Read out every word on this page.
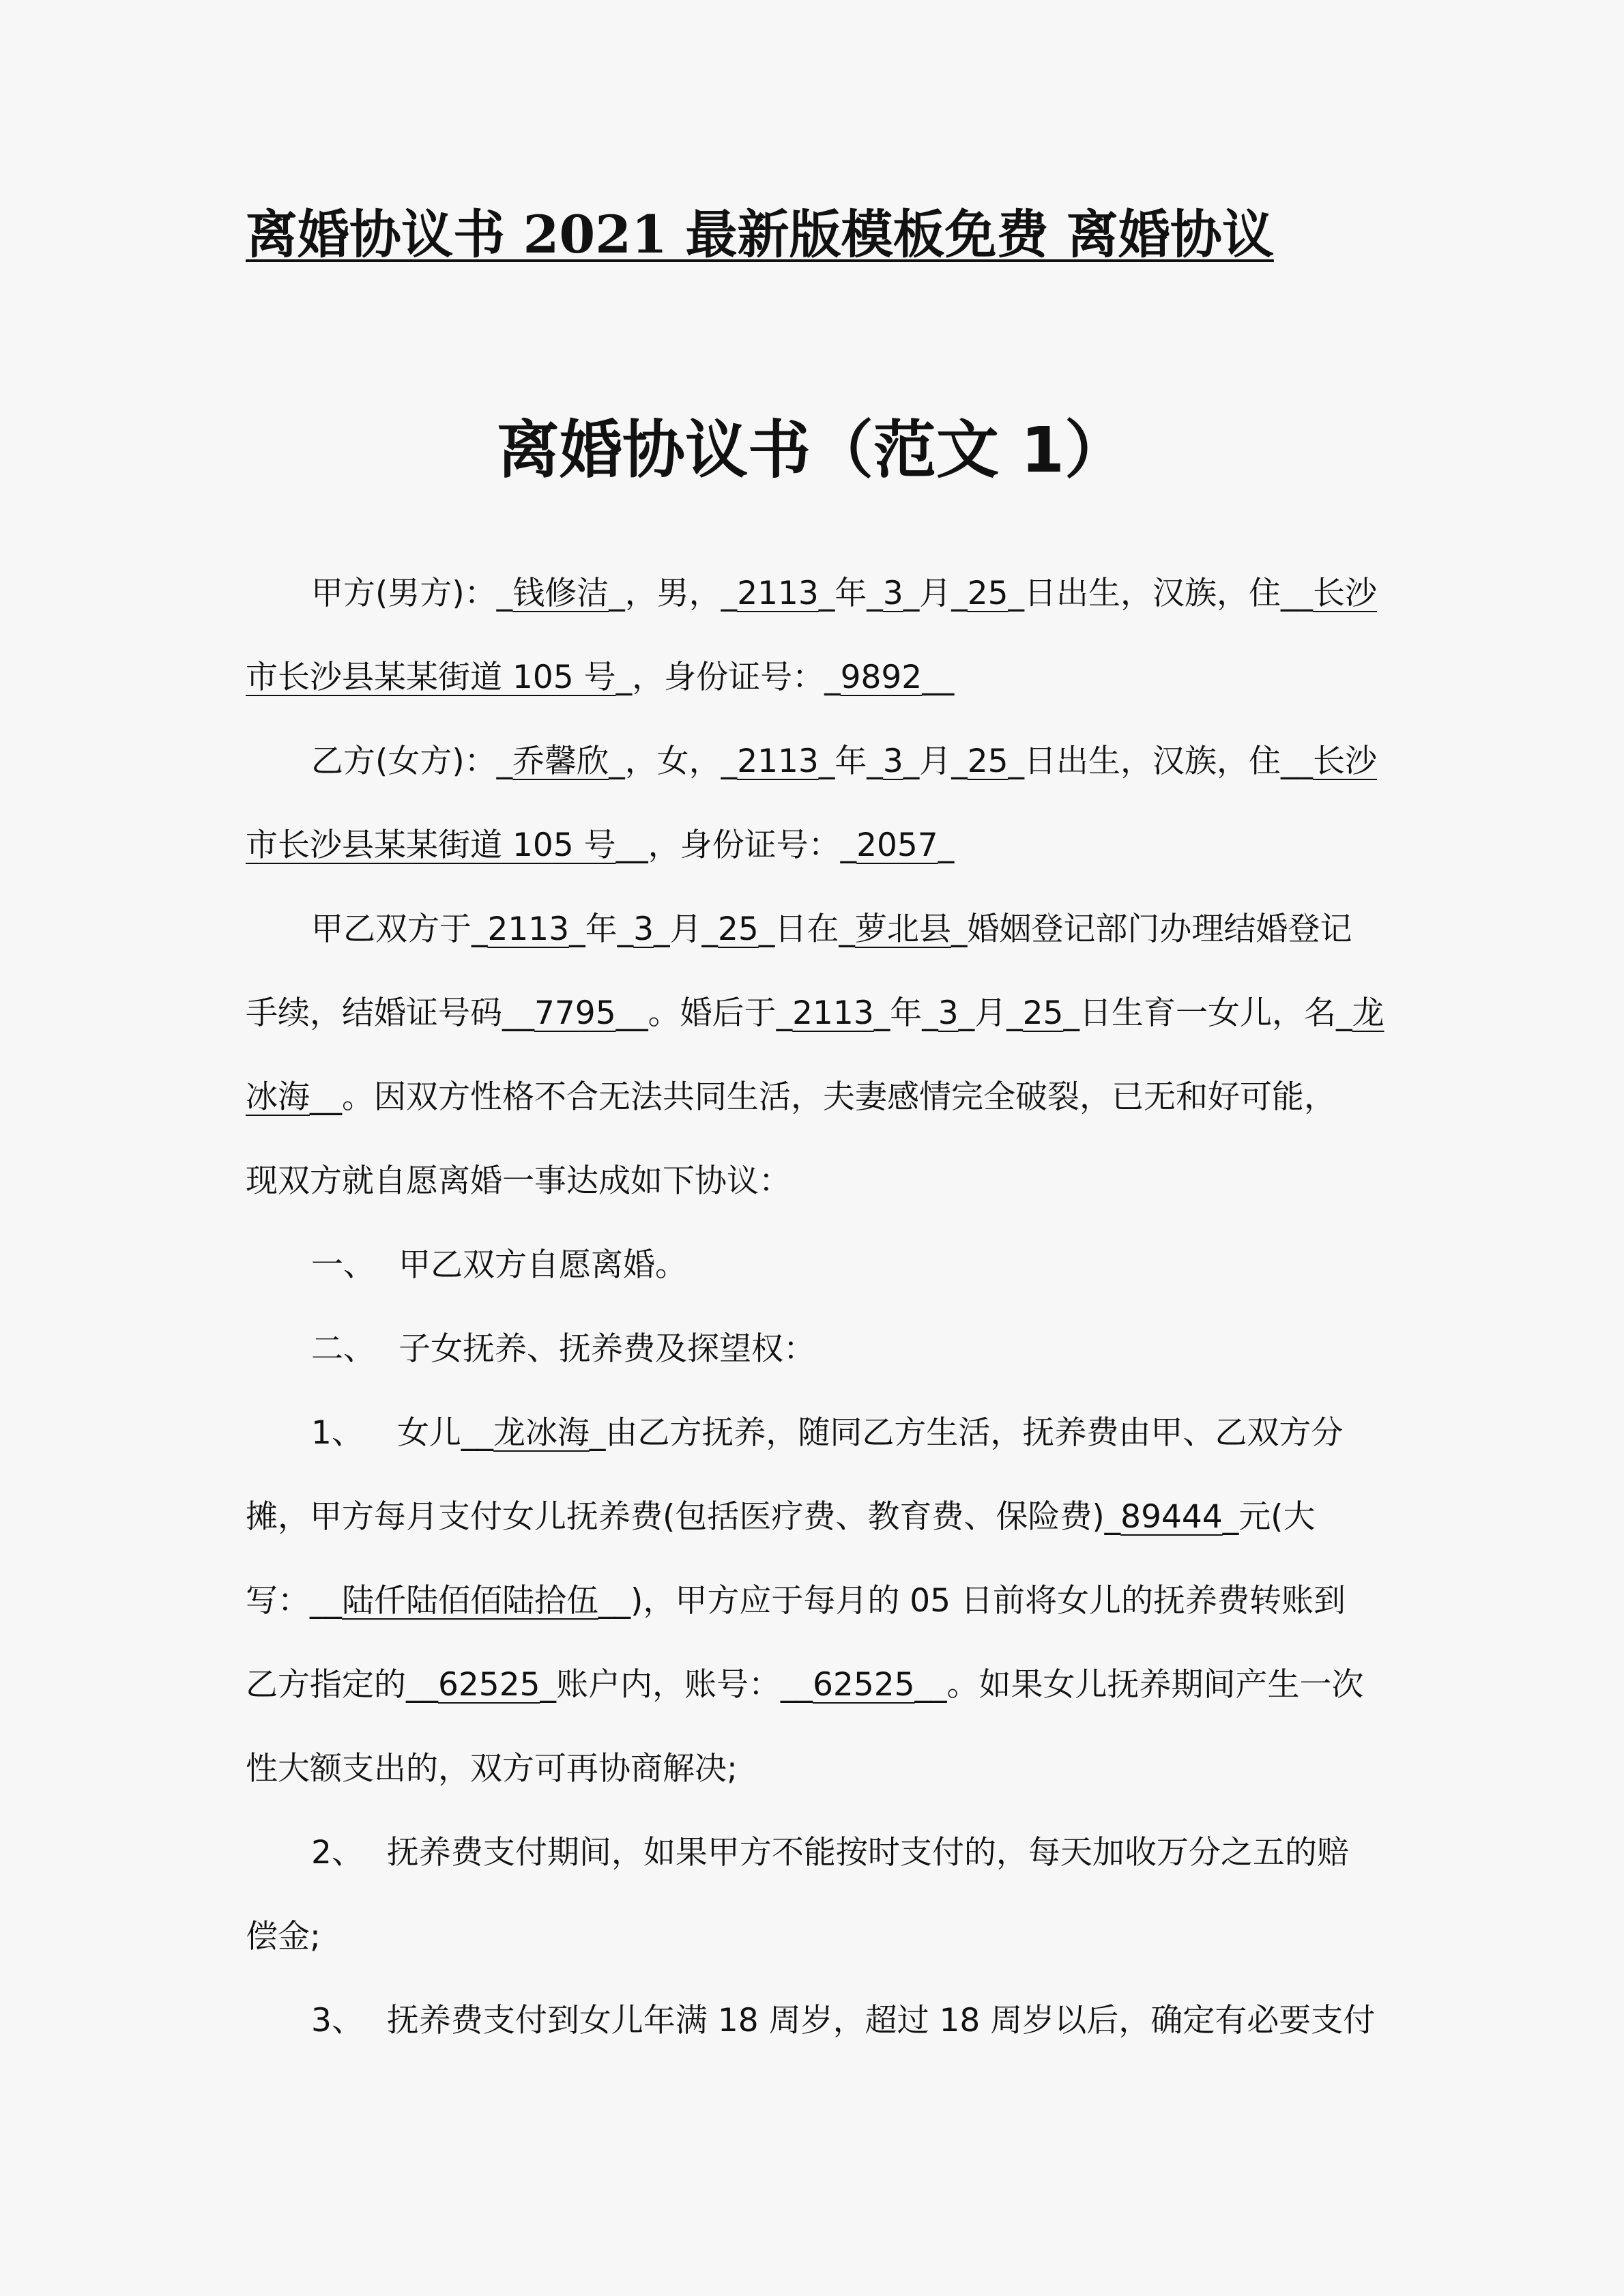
离婚协议书 2021 最新版模板免费 离婚协议
离婚协议书（范文 1）
甲方(男方)：_钱修洁_，男，_2113_年_3_月_25_日出生，汉族，住__长沙
市长沙县某某街道 105 号_，身份证号：_9892__
乙方(女方)：_乔馨欣_，女，_2113_年_3_月_25_日出生，汉族，住__长沙
市长沙县某某街道 105 号__，身份证号：_2057_
甲乙双方于_2113_年_3_月_25_日在_萝北县_婚姻登记部门办理结婚登记
手续，结婚证号码__7795__。婚后于_2113_年_3_月_25_日生育一女儿，名_龙
冰海__。因双方性格不合无法共同生活，夫妻感情完全破裂，已无和好可能，
现双方就自愿离婚一事达成如下协议：
一、 甲乙双方自愿离婚。
二、 子女抚养、抚养费及探望权：
1、 女儿__龙冰海_由乙方抚养，随同乙方生活，抚养费由甲、乙双方分
摊，甲方每月支付女儿抚养费(包括医疗费、教育费、保险费)_89444_元(大
写：__陆仟陆佰佰陆拾伍__)，甲方应于每月的 05 日前将女儿的抚养费转账到
乙方指定的__62525_账户内，账号：__62525__。如果女儿抚养期间产生一次
性大额支出的，双方可再协商解决;
2、 抚养费支付期间，如果甲方不能按时支付的，每天加收万分之五的赔
偿金;
3、 抚养费支付到女儿年满 18 周岁，超过 18 周岁以后，确定有必要支付
